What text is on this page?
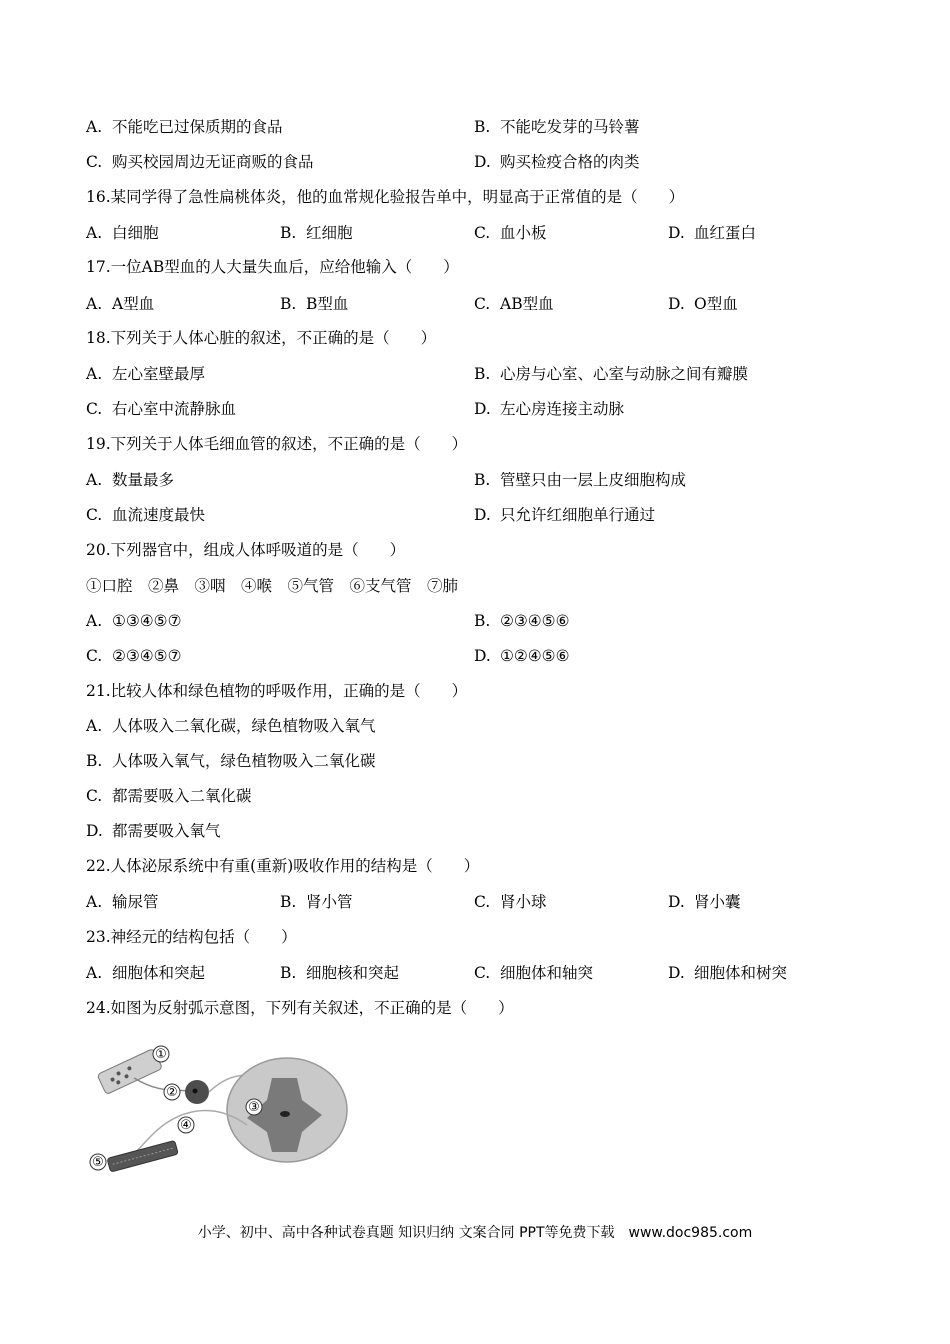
A. 不能吃已过保质期的食品	B. 不能吃发芽的马铃薯
C. 购买校园周边无证商贩的食品	D. 购买检疫合格的肉类
16.某同学得了急性扁桃体炎，他的血常规化验报告单中，明显高于正常值的是（　　）
A. 白细胞	B. 红细胞	C. 血小板	D. 血红蛋白
17.一位AB型血的人大量失血后，应给他输入（　　）
A. A型血	B. B型血	C. AB型血	D. O型血
18.下列关于人体心脏的叙述，不正确的是（　　）
A. 左心室壁最厚	B. 心房与心室、心室与动脉之间有瓣膜
C. 右心室中流静脉血	D. 左心房连接主动脉
19.下列关于人体毛细血管的叙述，不正确的是（　　）
A. 数量最多	B. 管壁只由一层上皮细胞构成
C. 血流速度最快	D. 只允许红细胞单行通过
20.下列器官中，组成人体呼吸道的是（　　）
①口腔　②鼻　③咽　④喉　⑤气管　⑥支气管　⑦肺
A. ①③④⑤⑦	B. ②③④⑤⑥
C. ②③④⑤⑦	D. ①②④⑤⑥
21.比较人体和绿色植物的呼吸作用，正确的是（　　）
A. 人体吸入二氧化碳，绿色植物吸入氧气
B. 人体吸入氧气，绿色植物吸入二氧化碳
C. 都需要吸入二氧化碳
D. 都需要吸入氧气
22.人体泌尿系统中有重(重新)吸收作用的结构是（　　）
A. 输尿管	B. 肾小管	C. 肾小球	D. 肾小囊
23.神经元的结构包括（　　）
A. 细胞体和突起	B. 细胞核和突起	C. 细胞体和轴突	D. 细胞体和树突
24.如图为反射弧示意图，下列有关叙述，不正确的是（　　）
①
②
③
④
⑤
小学、初中、高中各种试卷真题 知识归纳 文案合同 PPT等免费下载　www.doc985.com
